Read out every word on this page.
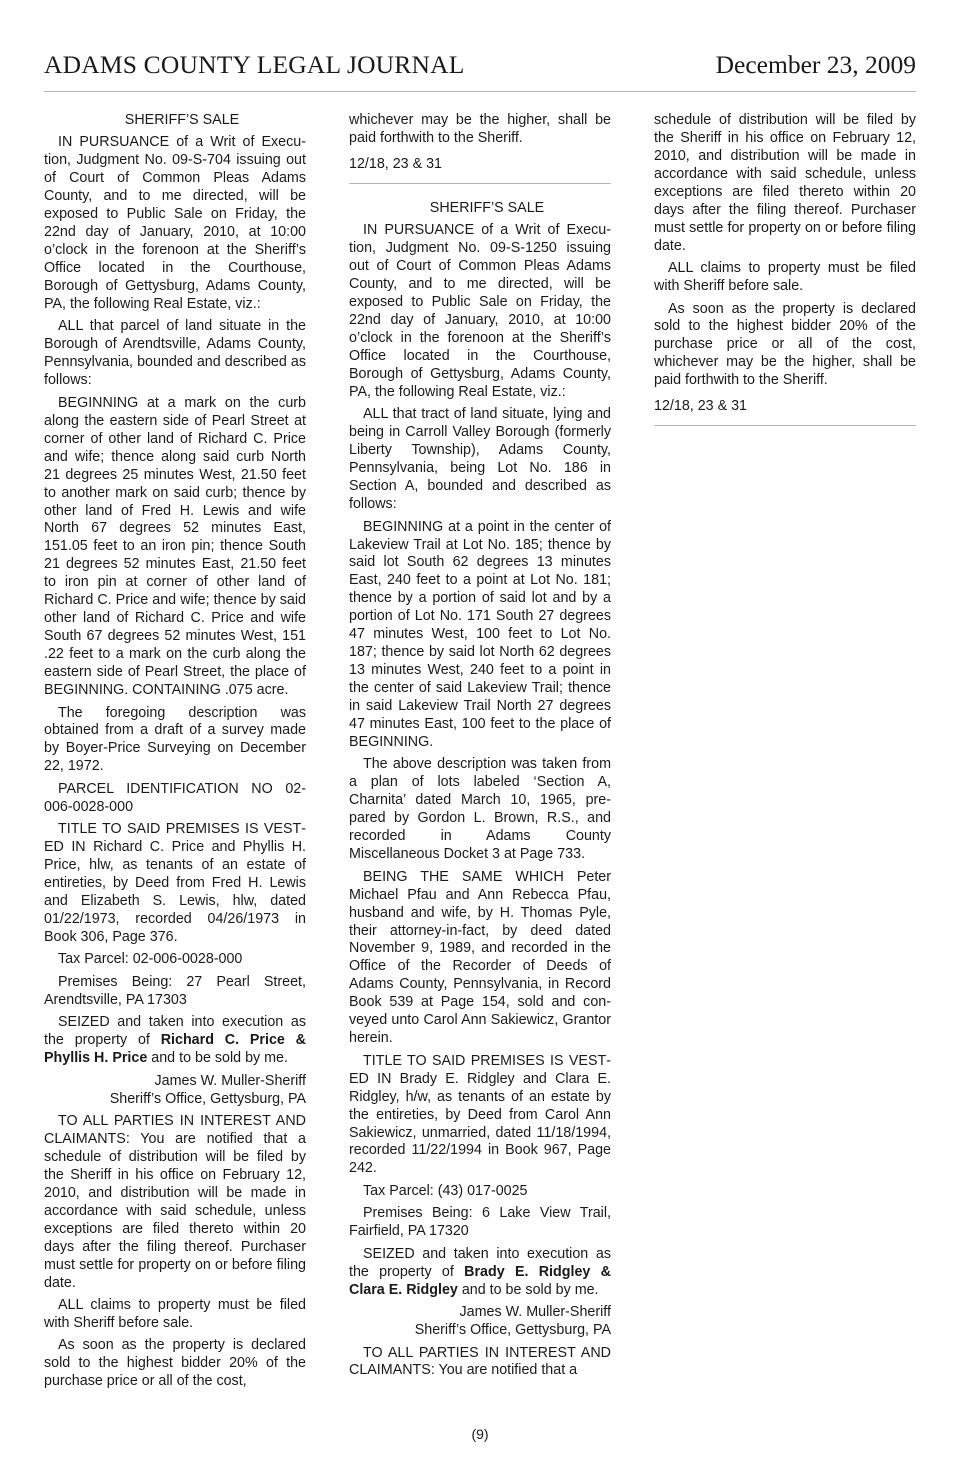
ADAMS COUNTY LEGAL JOURNAL	December 23, 2009

SHERIFF’S SALE

IN PURSUANCE of a Writ of Execution, Judgment No. 09-S-704 issuing out of Court of Common Pleas Adams County, and to me directed, will be exposed to Public Sale on Friday, the 22nd day of January, 2010, at 10:00 o’clock in the forenoon at the Sheriff’s Office located in the Courthouse, Borough of Gettysburg, Adams County, PA, the following Real Estate, viz.:

ALL that parcel of land situate in the Borough of Arendtsville, Adams County, Pennsylvania, bounded and described as follows:

BEGINNING at a mark on the curb along the eastern side of Pearl Street at corner of other land of Richard C. Price and wife; thence along said curb North 21 degrees 25 minutes West, 21.50 feet to another mark on said curb; thence by other land of Fred H. Lewis and wife North 67 degrees 52 minutes East, 151.05 feet to an iron pin; thence South 21 degrees 52 minutes East, 21.50 feet to iron pin at corner of other land of Richard C. Price and wife; thence by said other land of Richard C. Price and wife South 67 degrees 52 minutes West, 151 .22 feet to a mark on the curb along the eastern side of Pearl Street, the place of BEGINNING. CONTAINING .075 acre.

The foregoing description was obtained from a draft of a survey made by Boyer-Price Surveying on December 22, 1972.

PARCEL IDENTIFICATION NO 02-006-0028-000

TITLE TO SAID PREMISES IS VESTED IN Richard C. Price and Phyllis H. Price, hlw, as tenants of an estate of entireties, by Deed from Fred H. Lewis and Elizabeth S. Lewis, hlw, dated 01/22/1973, recorded 04/26/1973 in Book 306, Page 376.

Tax Parcel: 02-006-0028-000

Premises Being: 27 Pearl Street, Arendtsville, PA 17303

SEIZED and taken into execution as the property of Richard C. Price & Phyllis H. Price and to be sold by me.

James W. Muller-Sheriff
Sheriff’s Office, Gettysburg, PA

TO ALL PARTIES IN INTEREST AND CLAIMANTS: You are notified that a schedule of distribution will be filed by the Sheriff in his office on February 12, 2010, and distribution will be made in accordance with said schedule, unless exceptions are filed thereto within 20 days after the filing thereof. Purchaser must settle for property on or before filing date.

ALL claims to property must be filed with Sheriff before sale.

As soon as the property is declared sold to the highest bidder 20% of the purchase price or all of the cost,

whichever may be the higher, shall be paid forthwith to the Sheriff.

12/18, 23 & 31

SHERIFF’S SALE

IN PURSUANCE of a Writ of Execution, Judgment No. 09-S-1250 issuing out of Court of Common Pleas Adams County, and to me directed, will be exposed to Public Sale on Friday, the 22nd day of January, 2010, at 10:00 o’clock in the forenoon at the Sheriff’s Office located in the Courthouse, Borough of Gettysburg, Adams County, PA, the following Real Estate, viz.:

ALL that tract of land situate, lying and being in Carroll Valley Borough (formerly Liberty Township), Adams County, Pennsylvania, being Lot No. 186 in Section A, bounded and described as follows:

BEGINNING at a point in the center of Lakeview Trail at Lot No. 185; thence by said lot South 62 degrees 13 minutes East, 240 feet to a point at Lot No. 181; thence by a portion of said lot and by a portion of Lot No. 171 South 27 degrees 47 minutes West, 100 feet to Lot No. 187; thence by said lot North 62 degrees 13 minutes West, 240 feet to a point in the center of said Lakeview Trail; thence in said Lakeview Trail North 27 degrees 47 minutes East, 100 feet to the place of BEGINNING.

The above description was taken from a plan of lots labeled ‘Section A, Charnita’ dated March 10, 1965, prepared by Gordon L. Brown, R.S., and recorded in Adams County Miscellaneous Docket 3 at Page 733.

BEING THE SAME WHICH Peter Michael Pfau and Ann Rebecca Pfau, husband and wife, by H. Thomas Pyle, their attorney-in-fact, by deed dated November 9, 1989, and recorded in the Office of the Recorder of Deeds of Adams County, Pennsylvania, in Record Book 539 at Page 154, sold and conveyed unto Carol Ann Sakiewicz, Grantor herein.

TITLE TO SAID PREMISES IS VESTED IN Brady E. Ridgley and Clara E. Ridgley, h/w, as tenants of an estate by the entireties, by Deed from Carol Ann Sakiewicz, unmarried, dated 11/18/1994, recorded 11/22/1994 in Book 967, Page 242.

Tax Parcel: (43) 017-0025

Premises Being: 6 Lake View Trail, Fairfield, PA 17320

SEIZED and taken into execution as the property of Brady E. Ridgley & Clara E. Ridgley and to be sold by me.

James W. Muller-Sheriff
Sheriff’s Office, Gettysburg, PA

TO ALL PARTIES IN INTEREST AND CLAIMANTS: You are notified that a

schedule of distribution will be filed by the Sheriff in his office on February 12, 2010, and distribution will be made in accordance with said schedule, unless exceptions are filed thereto within 20 days after the filing thereof. Purchaser must settle for property on or before filing date.

ALL claims to property must be filed with Sheriff before sale.

As soon as the property is declared sold to the highest bidder 20% of the purchase price or all of the cost, whichever may be the higher, shall be paid forthwith to the Sheriff.

12/18, 23 & 31

(9)
